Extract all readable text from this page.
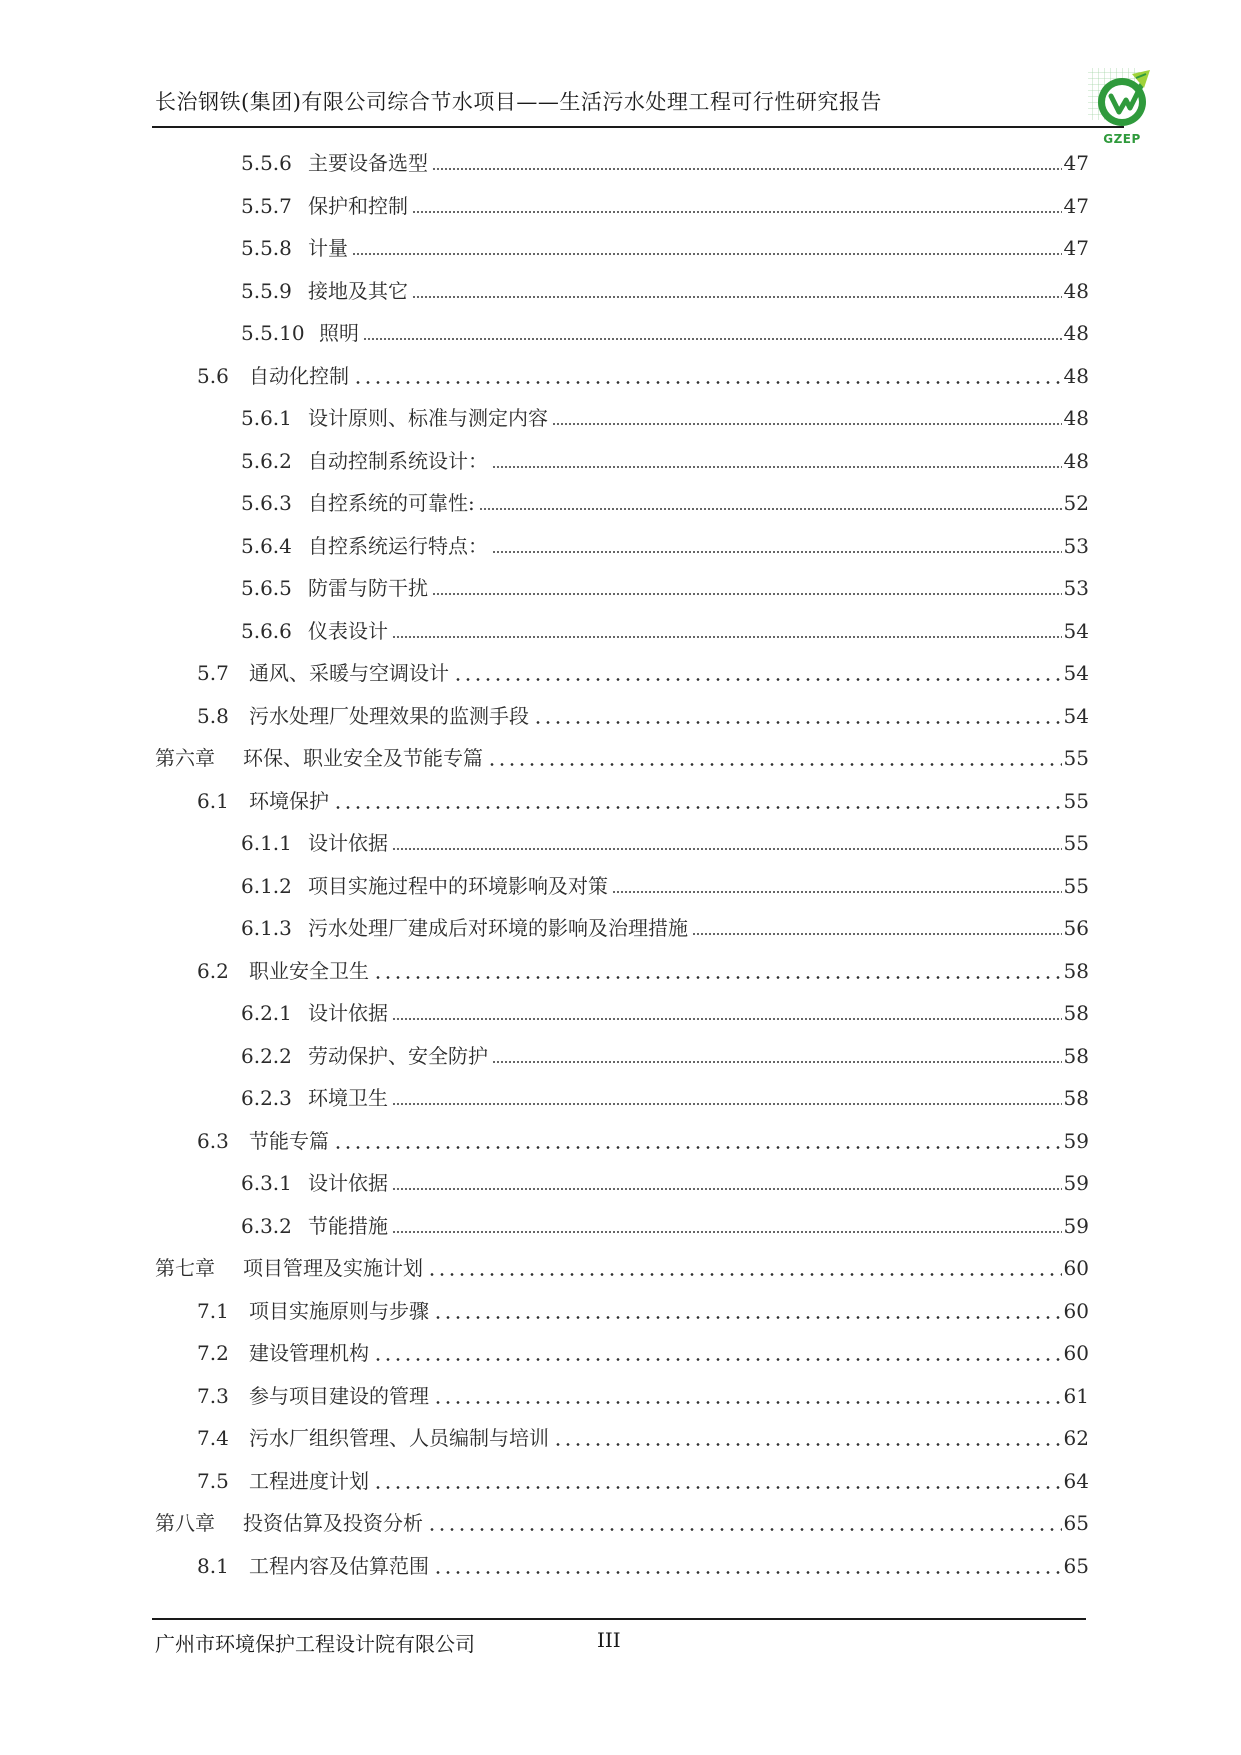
长治钢铁(集团)有限公司综合节水项目——生活污水处理工程可行性研究报告
GZEP
5.5.6 主要设备选型	47
5.5.7 保护和控制	47
5.5.8 计量	47
5.5.9 接地及其它	48
5.5.10 照明	48
5.6	自动化控制	48
5.6.1 设计原则、标准与测定内容	48
5.6.2 自动控制系统设计：	48
5.6.3 自控系统的可靠性:	52
5.6.4 自控系统运行特点：	53
5.6.5 防雷与防干扰	53
5.6.6 仪表设计	54
5.7	通风、采暖与空调设计	54
5.8	污水处理厂处理效果的监测手段	54
第六章	环保、职业安全及节能专篇	55
6.1	环境保护	55
6.1.1 设计依据	55
6.1.2 项目实施过程中的环境影响及对策	55
6.1.3 污水处理厂建成后对环境的影响及治理措施	56
6.2	职业安全卫生	58
6.2.1 设计依据	58
6.2.2 劳动保护、安全防护	58
6.2.3 环境卫生	58
6.3	节能专篇	59
6.3.1 设计依据	59
6.3.2 节能措施	59
第七章	项目管理及实施计划	60
7.1	项目实施原则与步骤	60
7.2	建设管理机构	60
7.3	参与项目建设的管理	61
7.4	污水厂组织管理、人员编制与培训	62
7.5	工程进度计划	64
第八章	投资估算及投资分析	65
8.1	工程内容及估算范围	65
广州市环境保护工程设计院有限公司	III
